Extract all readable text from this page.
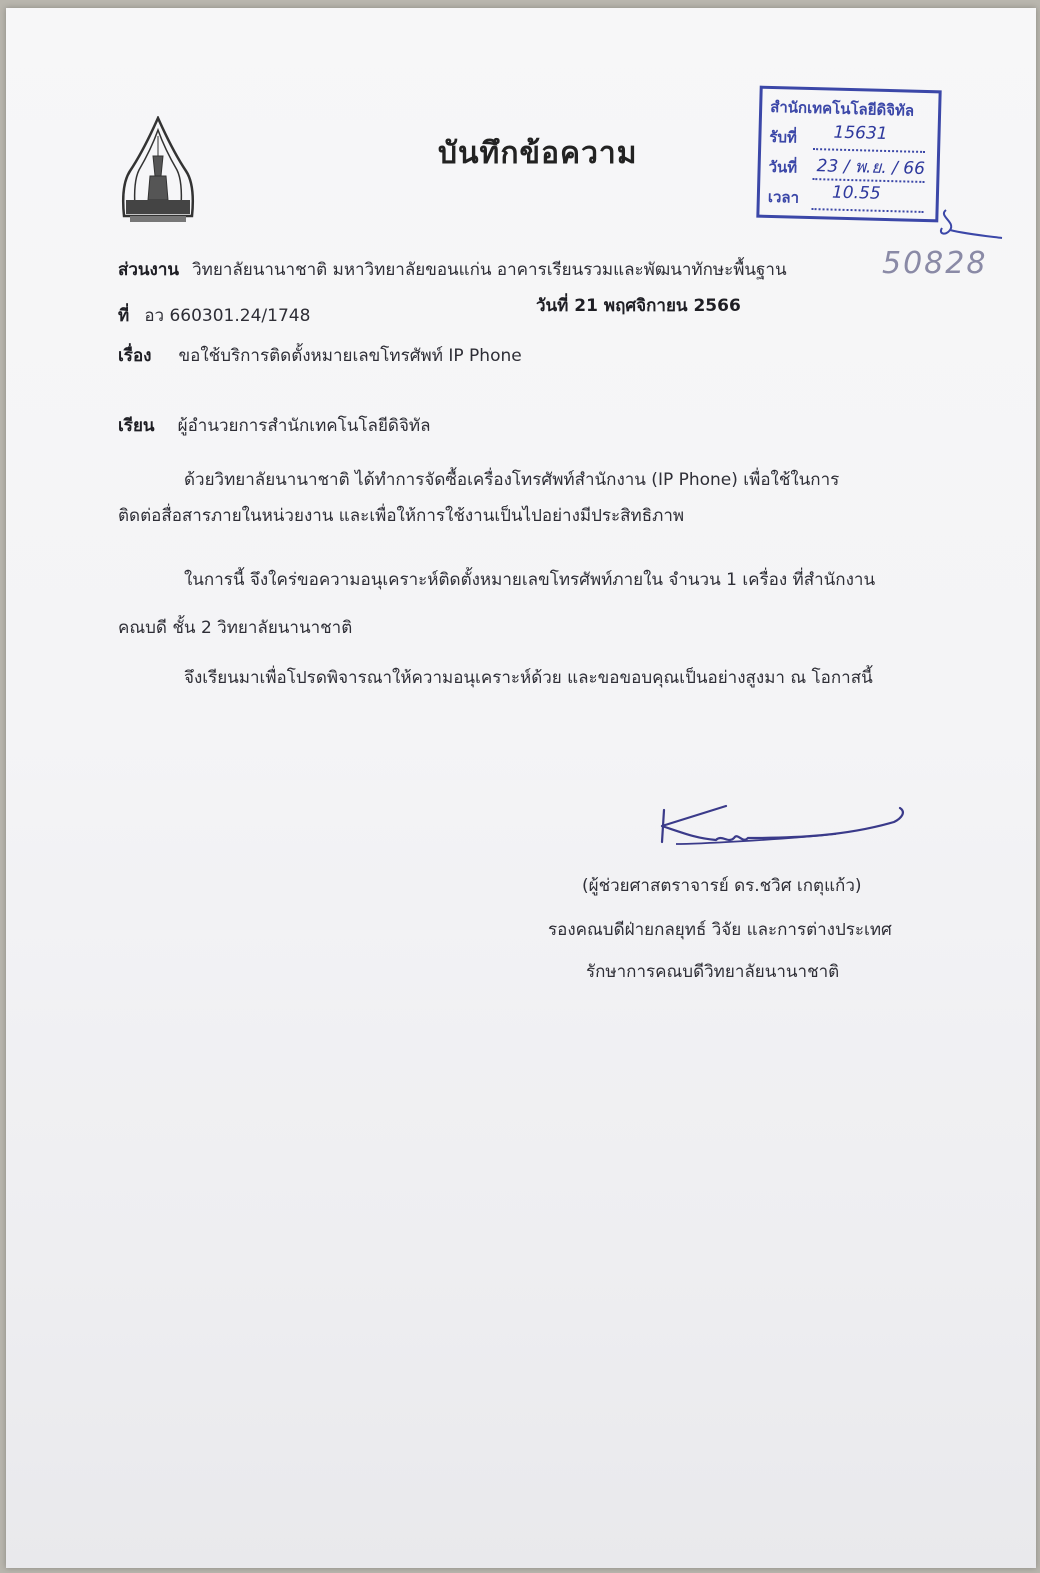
บันทึกข้อความ
สำนักเทคโนโลยีดิจิทัล
รับที่ 15631
วันที่ 23 / พ.ย. / 66
เวลา 10.55
50828
ส่วนงาน วิทยาลัยนานาชาติ มหาวิทยาลัยขอนแก่น อาคารเรียนรวมและพัฒนาทักษะพื้นฐาน
ที่ อว 660301.24/1748	วันที่ 21 พฤศจิกายน 2566
เรื่อง ขอใช้บริการติดตั้งหมายเลขโทรศัพท์ IP Phone
เรียน ผู้อำนวยการสำนักเทคโนโลยีดิจิทัล
ด้วยวิทยาลัยนานาชาติ ได้ทำการจัดซื้อเครื่องโทรศัพท์สำนักงาน (IP Phone) เพื่อใช้ในการ
ติดต่อสื่อสารภายในหน่วยงาน และเพื่อให้การใช้งานเป็นไปอย่างมีประสิทธิภาพ
ในการนี้ จึงใคร่ขอความอนุเคราะห์ติดตั้งหมายเลขโทรศัพท์ภายใน จำนวน 1 เครื่อง ที่สำนักงาน
คณบดี ชั้น 2 วิทยาลัยนานาชาติ
จึงเรียนมาเพื่อโปรดพิจารณาให้ความอนุเคราะห์ด้วย และขอขอบคุณเป็นอย่างสูงมา ณ โอกาสนี้
(ผู้ช่วยศาสตราจารย์ ดร.ชวิศ เกตุแก้ว)
รองคณบดีฝ่ายกลยุทธ์ วิจัย และการต่างประเทศ
รักษาการคณบดีวิทยาลัยนานาชาติ
